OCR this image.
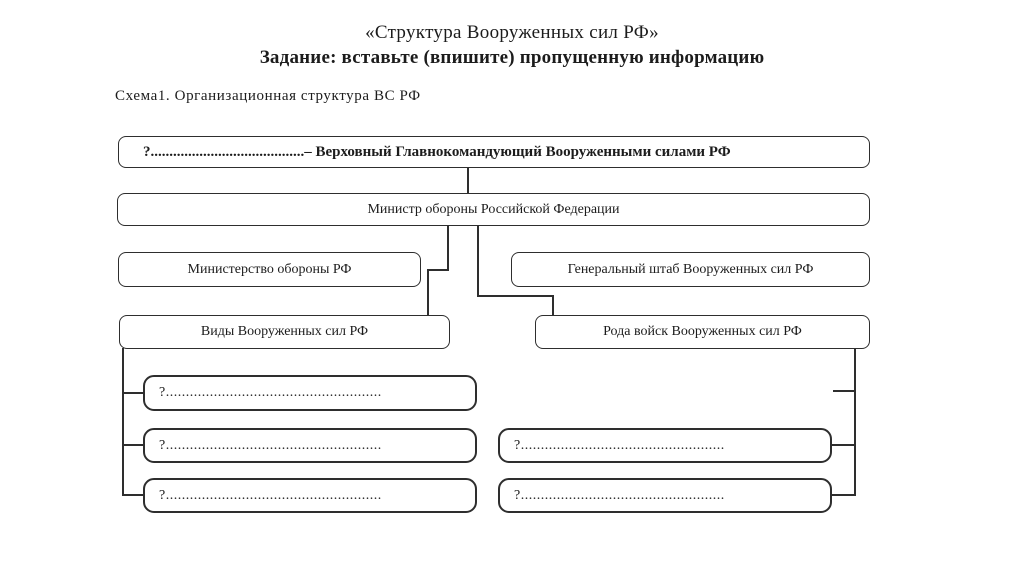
«Структура Вооруженных сил РФ»
Задание: вставьте (впишите) пропущенную информацию
Схема1. Организационная структура ВС РФ
?.........................................– Верховный Главнокомандующий Вооруженными силами РФ
Министр обороны Российской Федерации
Министерство обороны РФ	Генеральный штаб Вооруженных сил РФ
Виды Вооруженных сил РФ	Рода войск Вооруженных сил РФ
?......................................................
?......................................................
?......................................................
?...................................................
?...................................................
